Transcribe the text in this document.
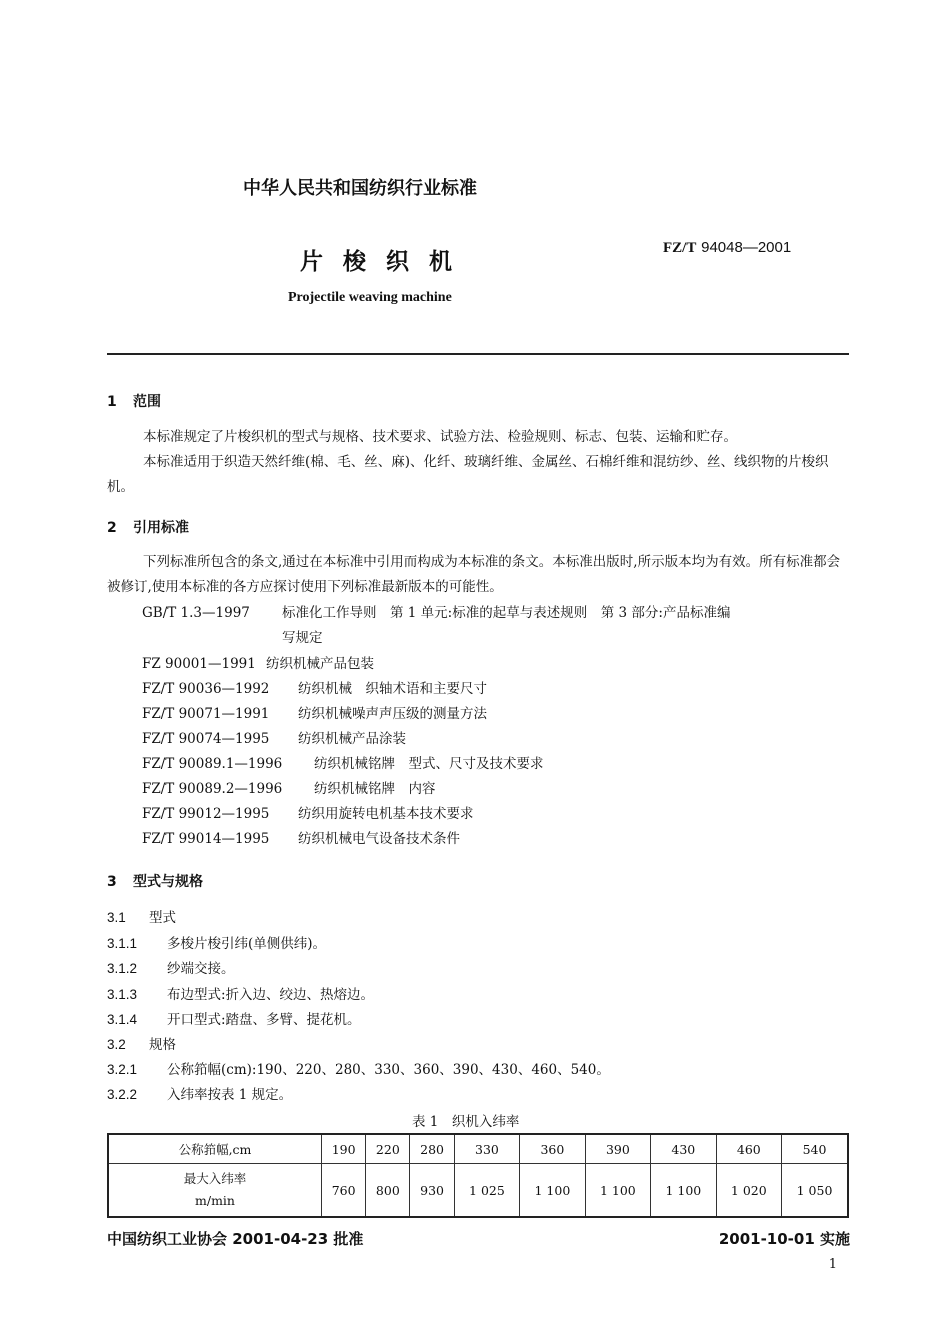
中华人民共和国纺织行业标准
片梭织机
FZ/T 94048—2001
Projectile weaving machine
1 范围
本标准规定了片梭织机的型式与规格、技术要求、试验方法、检验规则、标志、包装、运输和贮存。
本标准适用于织造天然纤维(棉、毛、丝、麻)、化纤、玻璃纤维、金属丝、石棉纤维和混纺纱、丝、线织物的片梭织机。
2 引用标准
下列标准所包含的条文,通过在本标准中引用而构成为本标准的条文。本标准出版时,所示版本均为有效。所有标准都会被修订,使用本标准的各方应探讨使用下列标准最新版本的可能性。
GB/T 1.3—1997 标准化工作导则　第 1 单元:标准的起草与表述规则　第 3 部分:产品标准编
写规定
FZ 90001—1991 纺织机械产品包装
FZ/T 90036—1992 纺织机械　织轴术语和主要尺寸
FZ/T 90071—1991 纺织机械噪声声压级的测量方法
FZ/T 90074—1995 纺织机械产品涂装
FZ/T 90089.1—1996 纺织机械铭牌　型式、尺寸及技术要求
FZ/T 90089.2—1996 纺织机械铭牌　内容
FZ/T 99012—1995 纺织用旋转电机基本技术要求
FZ/T 99014—1995 纺织机械电气设备技术条件
3 型式与规格
3.1 型式
3.1.1 多梭片梭引纬(单侧供纬)。
3.1.2 纱端交接。
3.1.3 布边型式:折入边、绞边、热熔边。
3.1.4 开口型式:踏盘、多臂、提花机。
3.2 规格
3.2.1 公称筘幅(cm):190、220、280、330、360、390、430、460、540。
3.2.2 入纬率按表 1 规定。
表 1　织机入纬率
公称筘幅,cm	190	220	280	330	360	390	430	460	540

最大入纬率
m/min	760	800	930	1 025	1 100	1 100	1 100	1 020	1 050
中国纺织工业协会 2001-04-23 批准	2001-10-01 实施
1
